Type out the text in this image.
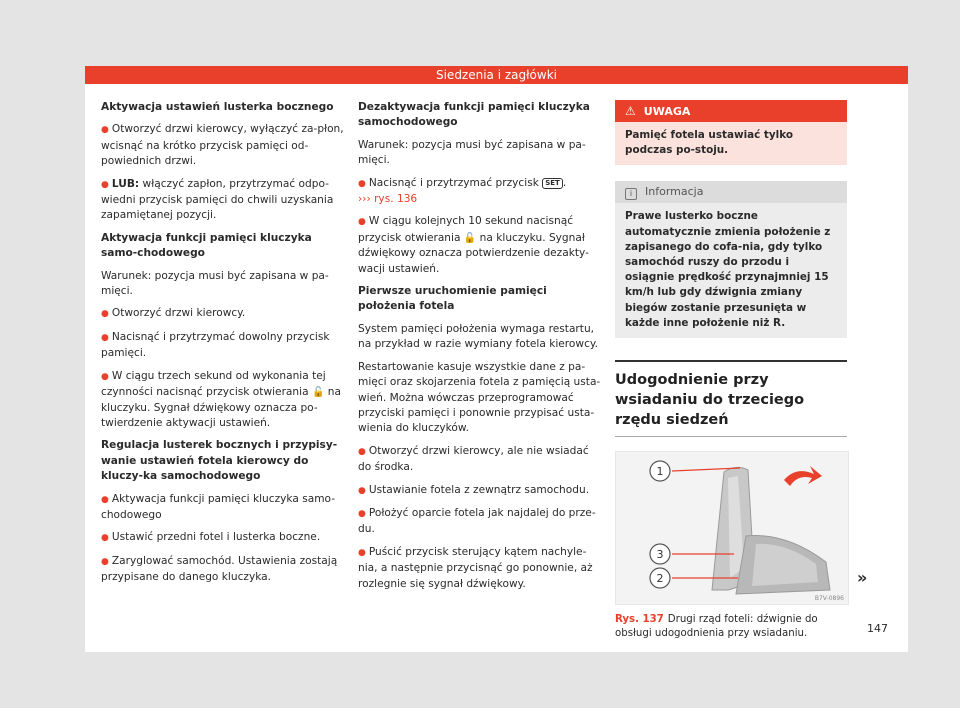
Siedzenia i zagłówki

Aktywacja ustawień lusterka bocznego

● Otworzyć drzwi kierowcy, wyłączyć za-płon, wcisnąć na krótko przycisk pamięci od-powiednich drzwi.

● LUB: włączyć zapłon, przytrzymać odpo-wiedni przycisk pamięci do chwili uzyskania zapamiętanej pozycji.

Aktywacja funkcji pamięci kluczyka samo-chodowego

Warunek: pozycja musi być zapisana w pa-mięci.

● Otworzyć drzwi kierowcy.

● Nacisnąć i przytrzymać dowolny przycisk pamięci.

● W ciągu trzech sekund od wykonania tej czynności nacisnąć przycisk otwierania 🔓 na kluczyku. Sygnał dźwiękowy oznacza po-twierdzenie aktywacji ustawień.

Regulacja lusterek bocznych i przypisy-wanie ustawień fotela kierowcy do kluczy-ka samochodowego

● Aktywacja funkcji pamięci kluczyka samo-chodowego

● Ustawić przedni fotel i lusterka boczne.

● Zaryglować samochód. Ustawienia zostają przypisane do danego kluczyka.

Dezaktywacja funkcji pamięci kluczyka samochodowego

Warunek: pozycja musi być zapisana w pa-mięci.

● Nacisnąć i przytrzymać przycisk SET .
››› rys. 136

● W ciągu kolejnych 10 sekund nacisnąć przycisk otwierania 🔓 na kluczyku. Sygnał dźwiękowy oznacza potwierdzenie dezakty-wacji ustawień.

Pierwsze uruchomienie pamięci położenia fotela

System pamięci położenia wymaga restartu, na przykład w razie wymiany fotela kierowcy.

Restartowanie kasuje wszystkie dane z pa-mięci oraz skojarzenia fotela z pamięcią usta-wień. Można wówczas przeprogramować przyciski pamięci i ponownie przypisać usta-wienia do kluczyków.

● Otworzyć drzwi kierowcy, ale nie wsiadać do środka.

● Ustawianie fotela z zewnątrz samochodu.

● Położyć oparcie fotela jak najdalej do prze-du.

● Puścić przycisk sterujący kątem nachyle-nia, a następnie przycisnąć go ponownie, aż rozlegnie się sygnał dźwiękowy.

⚠ UWAGA
Pamięć fotela ustawiać tylko podczas po-stoju.
i Informacja
Prawe lusterko boczne automatycznie zmienia położenie z zapisanego do cofa-nia, gdy tylko samochód ruszy do przodu i osiągnie prędkość przynajmniej 15 km/h lub gdy dźwignia zmiany biegów zostanie przesunięta w każde inne położenie niż R.
Udogodnienie przy wsiadaniu do trzeciego rzędu siedzeń
1
3
2
B7V-0896
Rys. 137 Drugi rząd foteli: dźwignie do obsługi udogodnienia przy wsiadaniu.
»
147
